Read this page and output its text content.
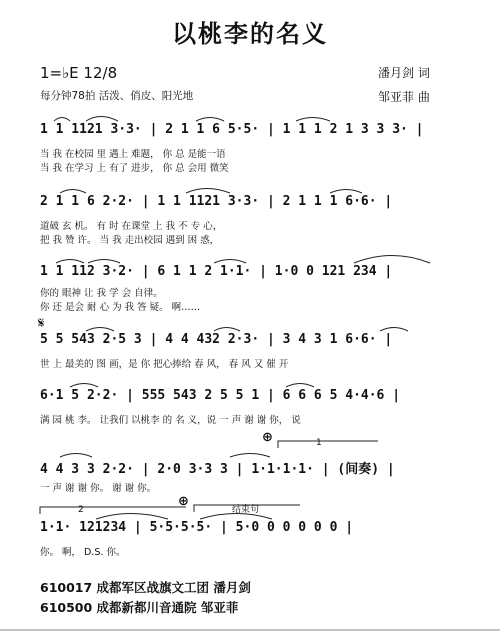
以桃李的名义
1=♭E 12/8
每分钟78拍 活泼、俏皮、阳光地
潘月剑 词
邹亚菲 曲
1 1 1121 3·3· | 2 1 1 6 5·5· | 1 1 1 2 1 3 3 3· |
当 我 在校园 里 遇上 难题， 你 总 是能一语
当 我 在学习 上 有了 进步， 你 总 会用 微笑
2 1 1 6 2·2· | 1 1 1121 3·3· | 2 1 1 1 6·6· |
道破 玄 机。 有 时 在课堂 上 我 不 专 心，
把 我 赞 许。 当 我 走出校园 遇到 困 惑，
1 1 112 3·2· | 6 1 1 2 1·1· | 1·0 0 121 234 |
你的 眼神 让 我 学 会 自律。
你 还 是会 耐 心 为 我 答 疑。 啊……
𝄋
5 5 543 2·5 3 | 4 4 432 2·3· | 3 4 3 1 6·6· |
世 上 最美的 图 画，是 你 把心捧给 春 风， 春 风 又 催 开
6·1 5 2·2· | 555 543 2 5 5 1 | 6 6 6 5 4·4·6 |
满 园 桃 李。 让我们 以桃李 的 名 义，说 一 声 谢 谢 你， 说
⊕	1
4 4 3 3 2·2· | 2·0 3·3 3 | 1·1·1·1· | (间奏) |
一 声 谢 谢 你。 谢 谢 你。
2
⊕
结束句
1·1· 121234 | 5·5·5·5· | 5·0 0 0 0 0 0 |
你。 啊， D.S. 你。
610017 成都军区战旗文工团 潘月剑
610500 成都新都川音通院 邹亚菲
